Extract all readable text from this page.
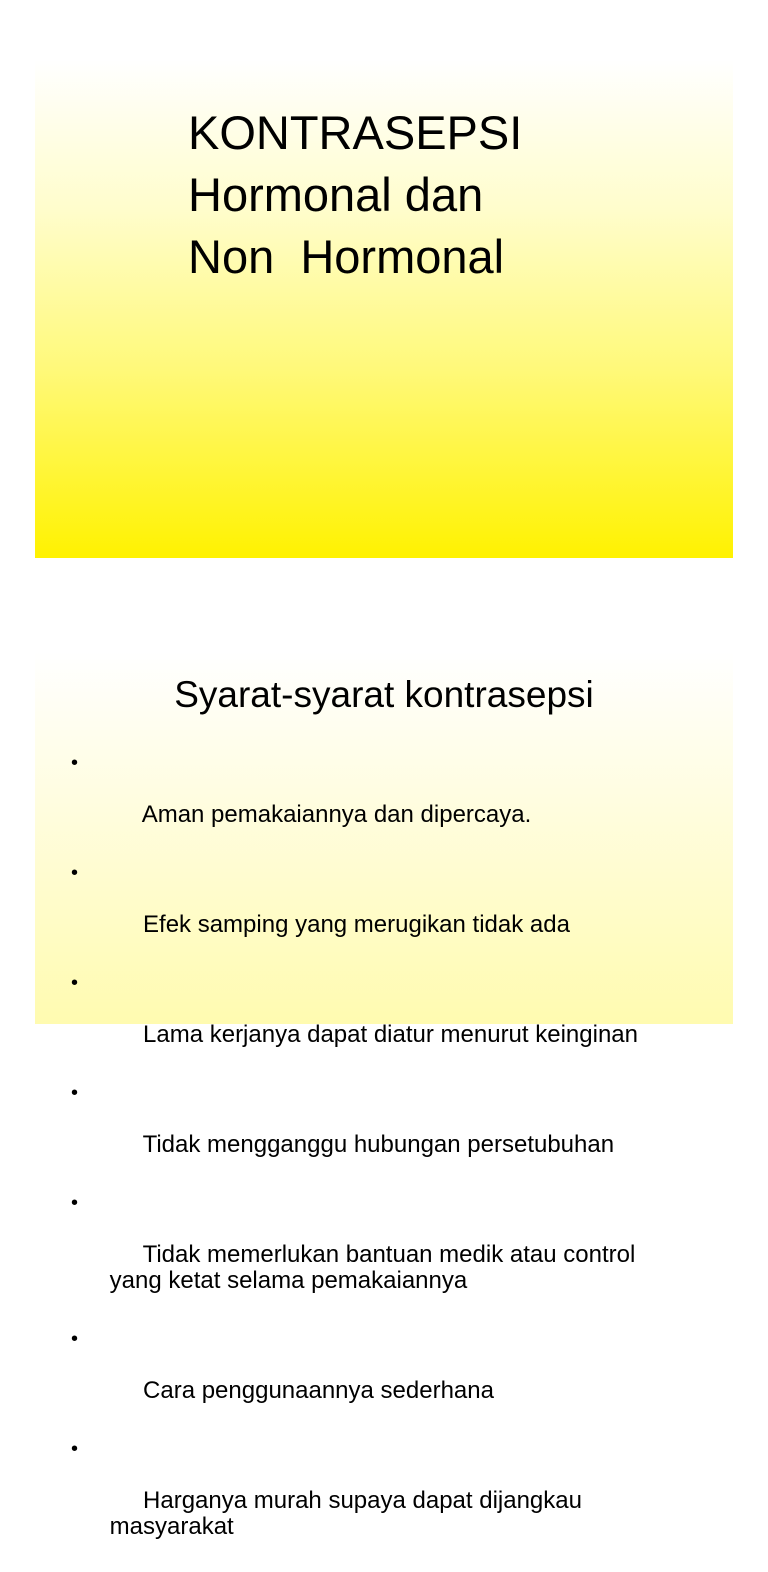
KONTRASEPSI
Hormonal dan
Non  Hormonal
Syarat-syarat kontrasepsi

•

Aman pemakaiannya dan dipercaya.

•

Efek samping yang merugikan tidak ada

•

Lama kerjanya dapat diatur menurut keinginan

•

Tidak mengganggu hubungan persetubuhan

•

Tidak memerlukan bantuan medik atau control
yang ketat selama pemakaiannya

•

Cara penggunaannya sederhana

•

Harganya murah supaya dapat dijangkau
masyarakat
